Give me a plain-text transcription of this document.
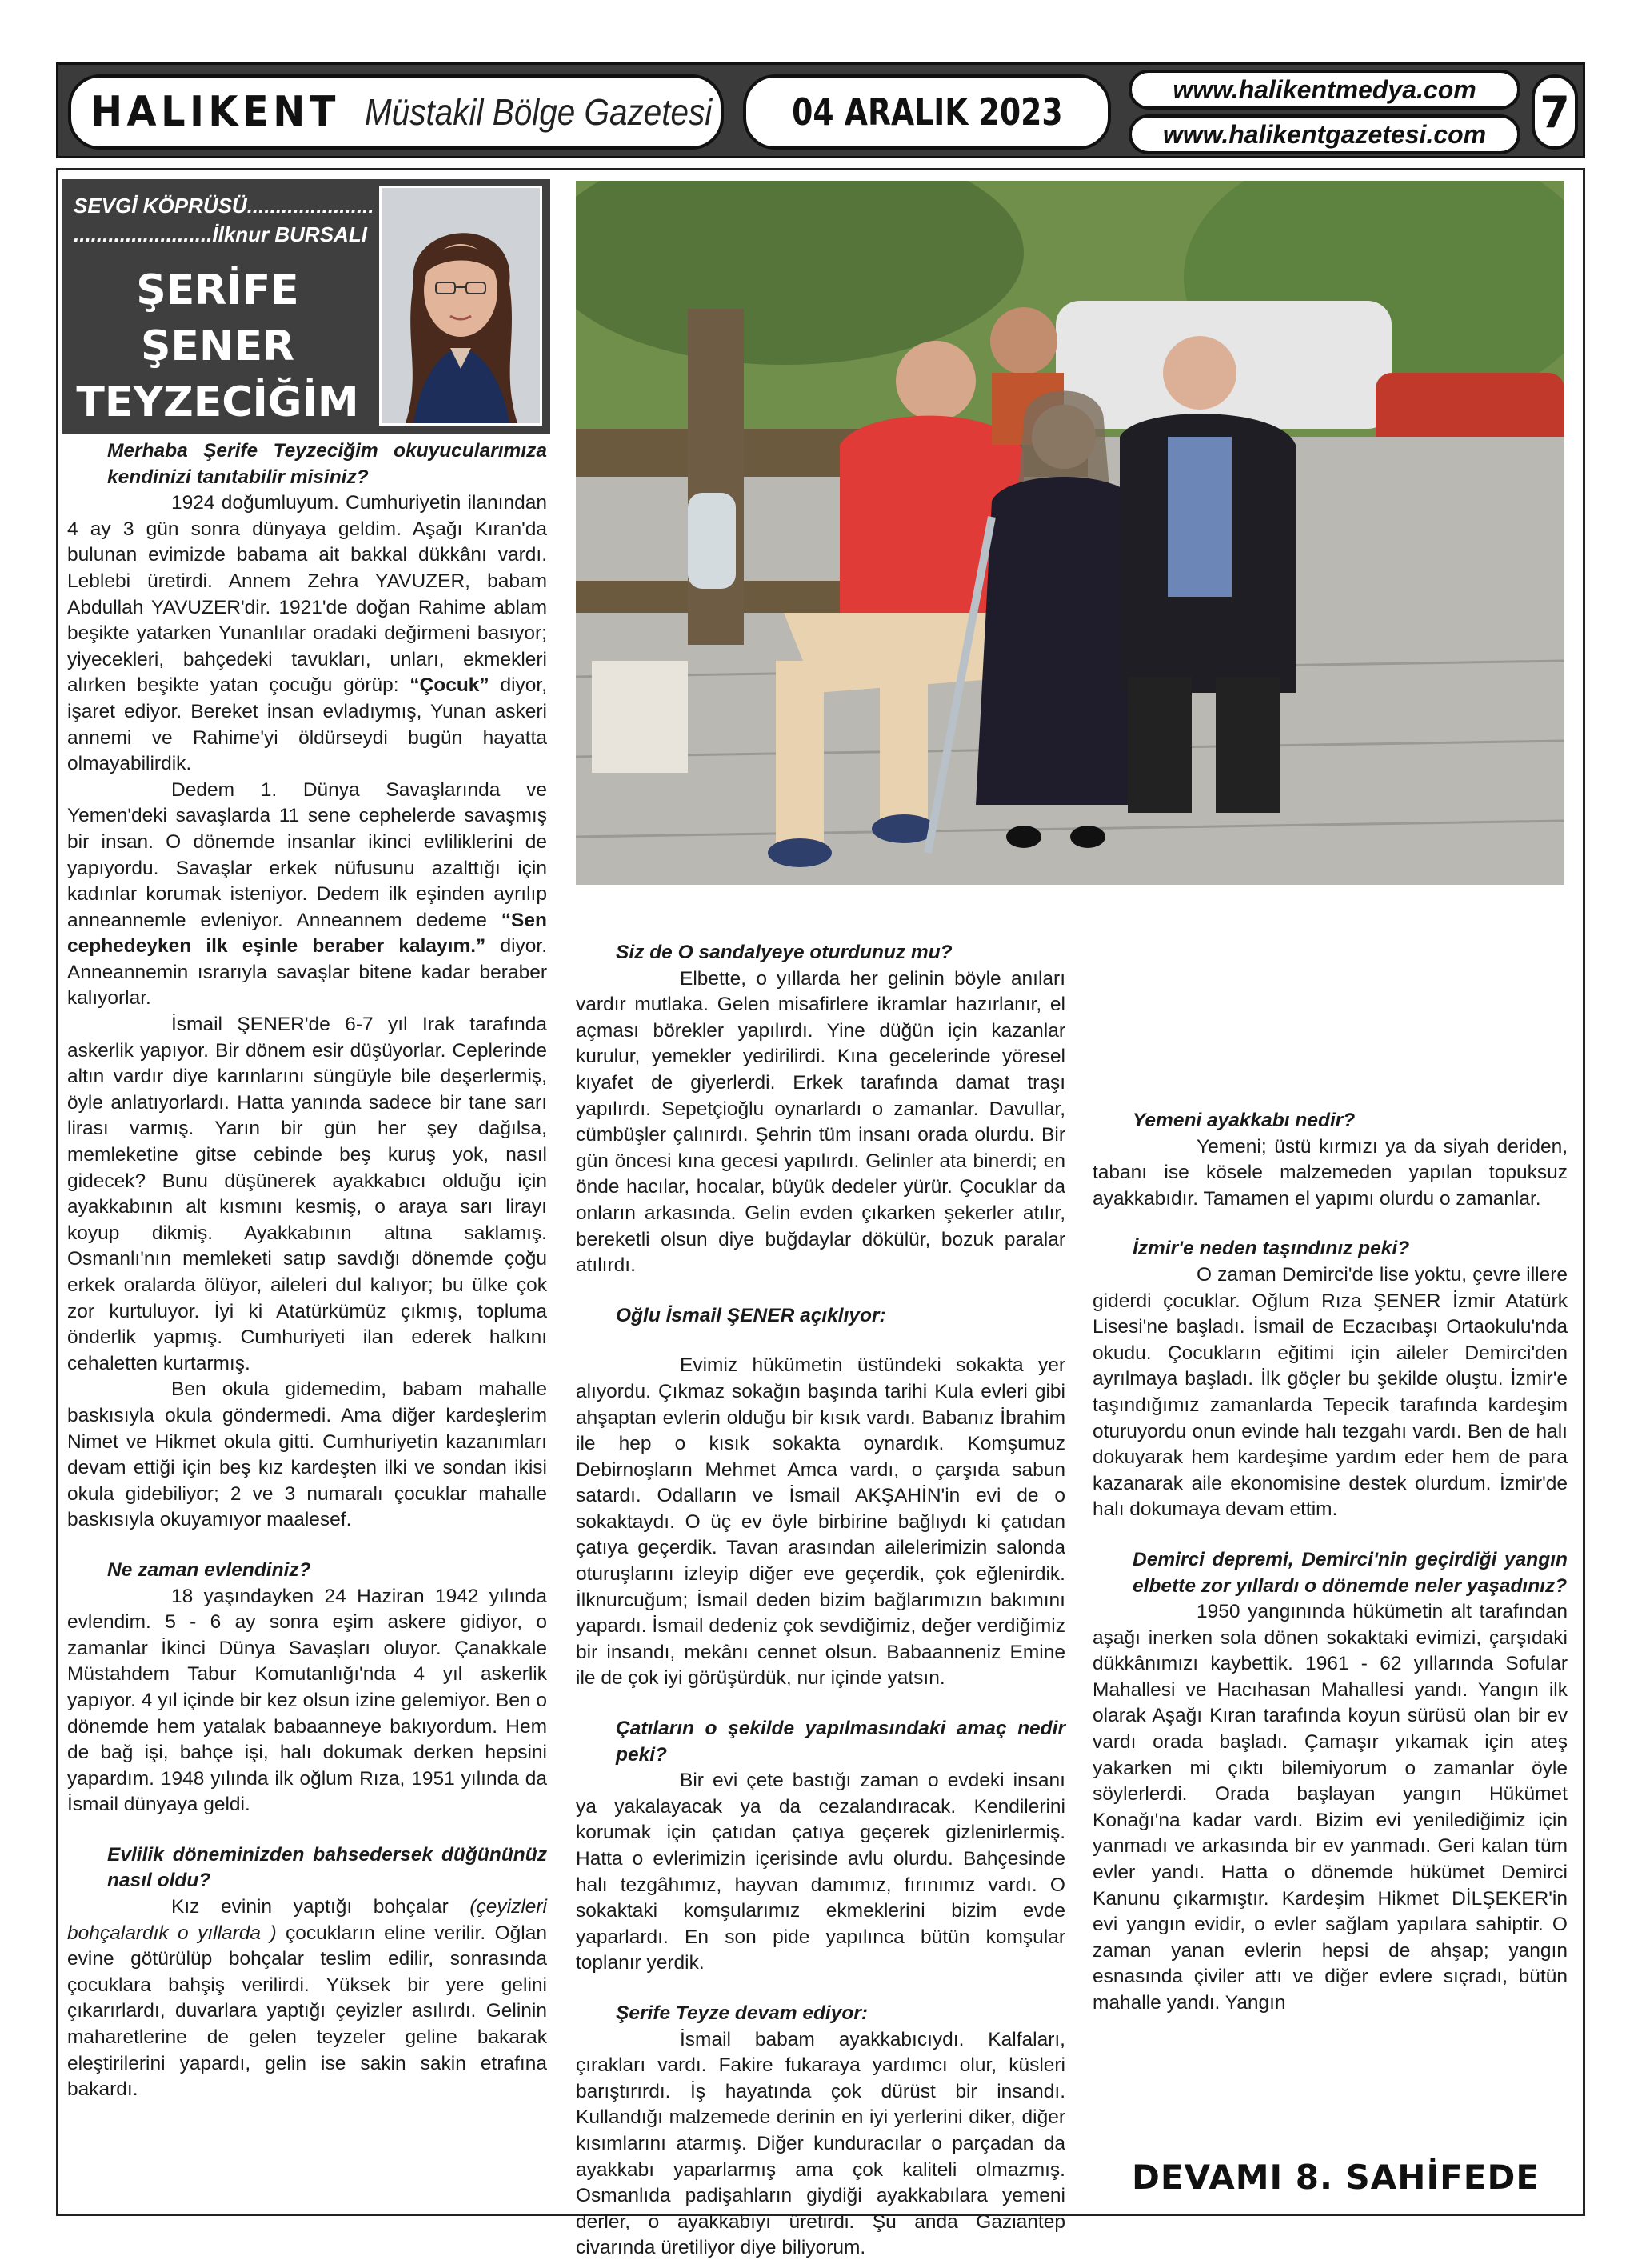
HALIKENT Müstakil Bölge Gazetesi 04 ARALIK 2023
www.halikentmedya.com
www.halikentgazetesi.com 7
SEVGİ KÖPRÜSÜ......................
........................İlknur BURSALI
ŞERİFE
ŞENER
TEYZECİĞİM

Merhaba Şerife Teyzeciğim okuyucularımıza kendinizi tanıtabilir misiniz?

1924 doğumluyum. Cumhuriyetin ilanından 4 ay 3 gün sonra dünyaya geldim. Aşağı Kıran'da bulunan evimizde babama ait bakkal dükkânı vardı. Leblebi üretirdi. Annem Zehra YAVUZER, babam Abdullah YAVUZER'dir. 1921'de doğan Rahime ablam beşikte yatarken Yunanlılar oradaki değirmeni basıyor; yiyecekleri, bahçedeki tavukları, unları, ekmekleri alırken beşikte yatan çocuğu görüp: “Çocuk” diyor, işaret ediyor. Bereket insan evladıymış, Yunan askeri annemi ve Rahime'yi öldürseydi bugün hayatta olmayabilirdik.

Dedem 1. Dünya Savaşlarında ve Yemen'deki savaşlarda 11 sene cephelerde savaşmış bir insan. O dönemde insanlar ikinci evliliklerini de yapıyordu. Savaşlar erkek nüfusunu azalttığı için kadınlar korumak isteniyor. Dedem ilk eşinden ayrılıp anneannemle evleniyor. Anneannem dedeme “Sen cephedeyken ilk eşinle beraber kalayım.” diyor. Anneannemin ısrarıyla savaşlar bitene kadar beraber kalıyorlar.

İsmail ŞENER'de 6-7 yıl Irak tarafında askerlik yapıyor. Bir dönem esir düşüyorlar. Ceplerinde altın vardır diye karınlarını süngüyle bile deşerlermiş, öyle anlatıyorlardı. Hatta yanında sadece bir tane sarı lirası varmış. Yarın bir gün her şey dağılsa, memleketine gitse cebinde beş kuruş yok, nasıl gidecek? Bunu düşünerek ayakkabıcı olduğu için ayakkabının alt kısmını kesmiş, o araya sarı lirayı koyup dikmiş. Ayakkabının altına saklamış. Osmanlı'nın memleketi satıp savdığı dönemde çoğu erkek oralarda ölüyor, aileleri dul kalıyor; bu ülke çok zor kurtuluyor. İyi ki Atatürkümüz çıkmış, topluma önderlik yapmış. Cumhuriyeti ilan ederek halkını cehaletten kurtarmış.

Ben okula gidemedim, babam mahalle baskısıyla okula göndermedi. Ama diğer kardeşlerim Nimet ve Hikmet okula gitti. Cumhuriyetin kazanımları devam ettiği için beş kız kardeşten ilki ve sondan ikisi okula gidebiliyor; 2 ve 3 numaralı çocuklar mahalle baskısıyla okuyamıyor maalesef.

Ne zaman evlendiniz?

18 yaşındayken 24 Haziran 1942 yılında evlendim. 5 - 6 ay sonra eşim askere gidiyor, o zamanlar İkinci Dünya Savaşları oluyor. Çanakkale Müstahdem Tabur Komutanlığı'nda 4 yıl askerlik yapıyor. 4 yıl içinde bir kez olsun izine gelemiyor. Ben o dönemde hem yatalak babaanneye bakıyordum. Hem de bağ işi, bahçe işi, halı dokumak derken hepsini yapardım. 1948 yılında ilk oğlum Rıza, 1951 yılında da İsmail dünyaya geldi.

Evlilik döneminizden bahsedersek düğününüz nasıl oldu?

Kız evinin yaptığı bohçalar (çeyizleri bohçalardık o yıllarda ) çocukların eline verilir. Oğlan evine götürülüp bohçalar teslim edilir, sonrasında çocuklara bahşiş verilirdi. Yüksek bir yere gelini çıkarırlardı, duvarlara yaptığı çeyizler asılırdı. Gelinin maharetlerine de gelen teyzeler geline bakarak eleştirilerini yapardı, gelin ise sakin sakin etrafına bakardı.

Siz de O sandalyeye oturdunuz mu?

Elbette, o yıllarda her gelinin böyle anıları vardır mutlaka. Gelen misafirlere ikramlar hazırlanır, el açması börekler yapılırdı. Yine düğün için kazanlar kurulur, yemekler yedirilirdi. Kına gecelerinde yöresel kıyafet de giyerlerdi. Erkek tarafında damat traşı yapılırdı. Sepetçioğlu oynarlardı o zamanlar. Davullar, cümbüşler çalınırdı. Şehrin tüm insanı orada olurdu. Bir gün öncesi kına gecesi yapılırdı. Gelinler ata binerdi; en önde hacılar, hocalar, büyük dedeler yürür. Çocuklar da onların arkasında. Gelin evden çıkarken şekerler atılır, bereketli olsun diye buğdaylar dökülür, bozuk paralar atılırdı.

Oğlu İsmail ŞENER açıklıyor:

Evimiz hükümetin üstündeki sokakta yer alıyordu. Çıkmaz sokağın başında tarihi Kula evleri gibi ahşaptan evlerin olduğu bir kısık vardı. Babanız İbrahim ile hep o kısık sokakta oynardık. Komşumuz Debirnoşların Mehmet Amca vardı, o çarşıda sabun satardı. Odalların ve İsmail AKŞAHİN'in evi de o sokaktaydı. O üç ev öyle birbirine bağlıydı ki çatıdan çatıya geçerdik. Tavan arasından ailelerimizin salonda oturuşlarını izleyip diğer eve geçerdik, çok eğlenirdik. İlknurcuğum; İsmail deden bizim bağlarımızın bakımını yapardı. İsmail dedeniz çok sevdiğimiz, değer verdiğimiz bir insandı, mekânı cennet olsun. Babaanneniz Emine ile de çok iyi görüşürdük, nur içinde yatsın.

Çatıların o şekilde yapılmasındaki amaç nedir peki?

Bir evi çete bastığı zaman o evdeki insanı ya yakalayacak ya da cezalandıracak. Kendilerini korumak için çatıdan çatıya geçerek gizlenirlermiş. Hatta o evlerimizin içerisinde avlu olurdu. Bahçesinde halı tezgâhımız, hayvan damımız, fırınımız vardı. O sokaktaki komşularımız ekmeklerini bizim evde yaparlardı. En son pide yapılınca bütün komşular toplanır yerdik.

Şerife Teyze devam ediyor:

İsmail babam ayakkabıcıydı. Kalfaları, çırakları vardı. Fakire fukaraya yardımcı olur, küsleri barıştırırdı. İş hayatında çok dürüst bir insandı. Kullandığı malzemede derinin en iyi yerlerini diker, diğer kısımlarını atarmış. Diğer kunduracılar o parçadan da ayakkabı yaparlarmış ama çok kaliteli olmazmış. Osmanlıda padişahların giydiği ayakkabılara yemeni derler, o ayakkabıyı üretirdi. Şu anda Gaziantep civarında üretiliyor diye biliyorum.

Yemeni ayakkabı nedir?

Yemeni; üstü kırmızı ya da siyah deriden, tabanı ise kösele malzemeden yapılan topuksuz ayakkabıdır. Tamamen el yapımı olurdu o zamanlar.

İzmir'e neden taşındınız peki?

O zaman Demirci'de lise yoktu, çevre illere giderdi çocuklar. Oğlum Rıza ŞENER İzmir Atatürk Lisesi'ne başladı. İsmail de Eczacıbaşı Ortaokulu'nda okudu. Çocukların eğitimi için aileler Demirci'den ayrılmaya başladı. İlk göçler bu şekilde oluştu. İzmir'e taşındığımız zamanlarda Tepecik tarafında kardeşim oturuyordu onun evinde halı tezgahı vardı. Ben de halı dokuyarak hem kardeşime yardım eder hem de para kazanarak aile ekonomisine destek olurdum. İzmir'de halı dokumaya devam ettim.

Demirci depremi, Demirci'nin geçirdiği yangın elbette zor yıllardı o dönemde neler yaşadınız?

1950 yangınında hükümetin alt tarafından aşağı inerken sola dönen sokaktaki evimizi, çarşıdaki dükkânımızı kaybettik. 1961 - 62 yıllarında Sofular Mahallesi ve Hacıhasan Mahallesi yandı. Yangın ilk olarak Aşağı Kıran tarafında koyun sürüsü olan bir ev vardı orada başladı. Çamaşır yıkamak için ateş yakarken mi çıktı bilemiyorum o zamanlar öyle söylerlerdi. Orada başlayan yangın Hükümet Konağı'na kadar vardı. Bizim evi yenilediğimiz için yanmadı ve arkasında bir ev yanmadı. Geri kalan tüm evler yandı. Hatta o dönemde hükümet Demirci Kanunu çıkarmıştır. Kardeşim Hikmet DİLŞEKER'in evi yangın evidir, o evler sağlam yapılara sahiptir. O zaman yanan evlerin hepsi de ahşap; yangın esnasında çiviler attı ve diğer evlere sıçradı, bütün mahalle yandı. Yangın

DEVAMI 8. SAHİFEDE
